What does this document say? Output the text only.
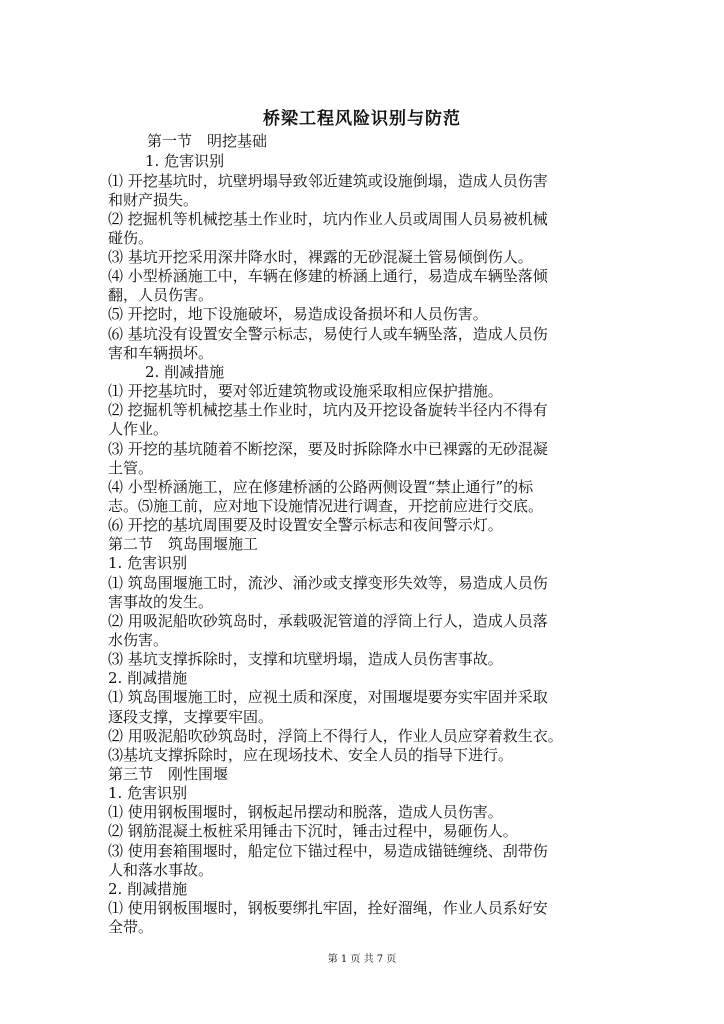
桥梁工程风险识别与防范
第一节　明挖基础
1. 危害识别
⑴ 开挖基坑时，坑壁坍塌导致邻近建筑或设施倒塌，造成人员伤害
和财产损失。
⑵ 挖掘机等机械挖基土作业时，坑内作业人员或周围人员易被机械
碰伤。
⑶ 基坑开挖采用深井降水时，裸露的无砂混凝土管易倾倒伤人。
⑷ 小型桥涵施工中，车辆在修建的桥涵上通行，易造成车辆坠落倾
翻，人员伤害。
⑸ 开挖时，地下设施破坏，易造成设备损坏和人员伤害。
⑹ 基坑没有设置安全警示标志，易使行人或车辆坠落，造成人员伤
害和车辆损坏。
2. 削减措施
⑴ 开挖基坑时，要对邻近建筑物或设施采取相应保护措施。
⑵ 挖掘机等机械挖基土作业时，坑内及开挖设备旋转半径内不得有
人作业。
⑶ 开挖的基坑随着不断挖深，要及时拆除降水中已裸露的无砂混凝
土管。
⑷ 小型桥涵施工，应在修建桥涵的公路两侧设置“禁止通行”的标
志。⑸施工前，应对地下设施情况进行调查，开挖前应进行交底。
⑹ 开挖的基坑周围要及时设置安全警示标志和夜间警示灯。
第二节　筑岛围堰施工
1. 危害识别
⑴ 筑岛围堰施工时，流沙、涌沙或支撑变形失效等，易造成人员伤
害事故的发生。
⑵ 用吸泥船吹砂筑岛时，承载吸泥管道的浮筒上行人，造成人员落
水伤害。
⑶ 基坑支撑拆除时，支撑和坑壁坍塌，造成人员伤害事故。
2. 削减措施
⑴ 筑岛围堰施工时，应视土质和深度，对围堰堤要夯实牢固并采取
逐段支撑，支撑要牢固。
⑵ 用吸泥船吹砂筑岛时，浮筒上不得行人，作业人员应穿着救生衣。
⑶基坑支撑拆除时，应在现场技术、安全人员的指导下进行。
第三节　刚性围堰
1. 危害识别
⑴ 使用钢板围堰时，钢板起吊摆动和脱落，造成人员伤害。
⑵ 钢筋混凝土板桩采用锤击下沉时，锤击过程中，易砸伤人。
⑶ 使用套箱围堰时，船定位下锚过程中，易造成锚链缠绕、刮带伤
人和落水事故。
2. 削减措施
⑴ 使用钢板围堰时，钢板要绑扎牢固，拴好溜绳，作业人员系好安
全带。
第 1 页 共 7 页
